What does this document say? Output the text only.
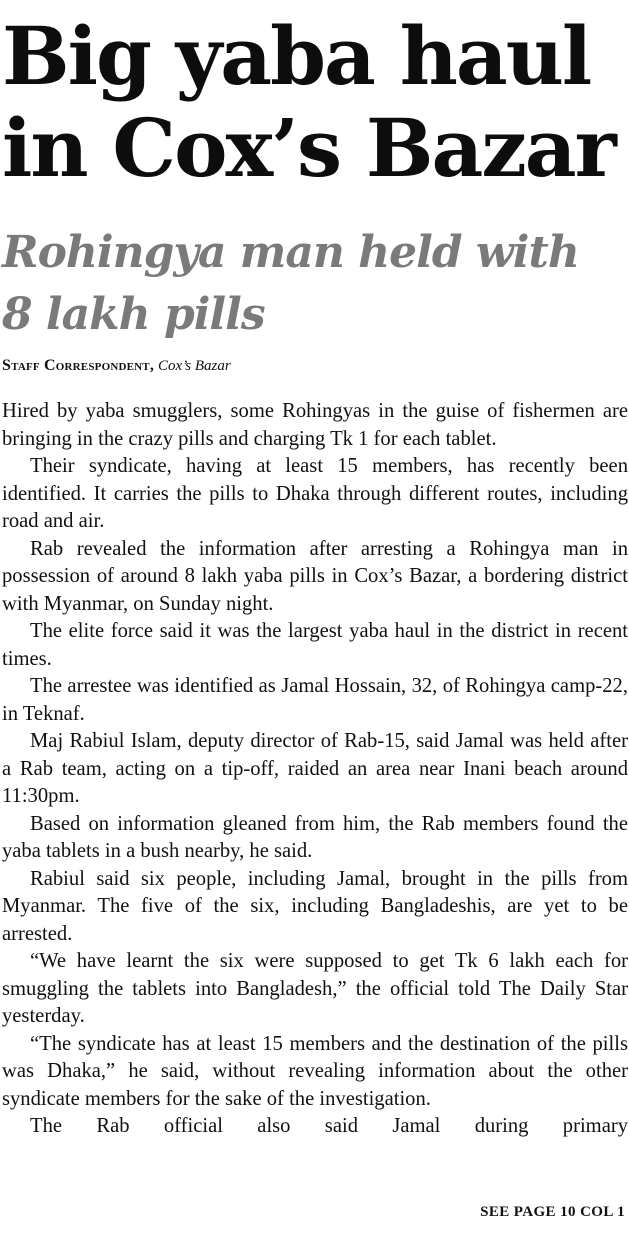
Big yaba haul
in Cox’s Bazar
Rohingya man held with
8 lakh pills
Staff Correspondent, Cox’s Bazar

Hired by yaba smugglers, some Rohingyas in the guise of fishermen are bringing in the crazy pills and charging Tk 1 for each tablet.

Their syndicate, having at least 15 members, has recently been identified. It carries the pills to Dhaka through different routes, including road and air.

Rab revealed the information after arresting a Rohingya man in possession of around 8 lakh yaba pills in Cox’s Bazar, a bordering district with Myanmar, on Sunday night.

The elite force said it was the largest yaba haul in the district in recent times.

The arrestee was identified as Jamal Hossain, 32, of Rohingya camp-22, in Teknaf.

Maj Rabiul Islam, deputy director of Rab-15, said Jamal was held after a Rab team, acting on a tip-off, raided an area near Inani beach around 11:30pm.

Based on information gleaned from him, the Rab members found the yaba tablets in a bush nearby, he said.

Rabiul said six people, including Jamal, brought in the pills from Myanmar. The five of the six, including Bangladeshis, are yet to be arrested.

“We have learnt the six were supposed to get Tk 6 lakh each for smuggling the tablets into Bangladesh,” the official told The Daily Star yesterday.

“The syndicate has at least 15 members and the destination of the pills was Dhaka,” he said, without revealing information about the other syndicate members for the sake of the investigation.

The Rab official also said Jamal during primary

SEE PAGE 10 COL 1
